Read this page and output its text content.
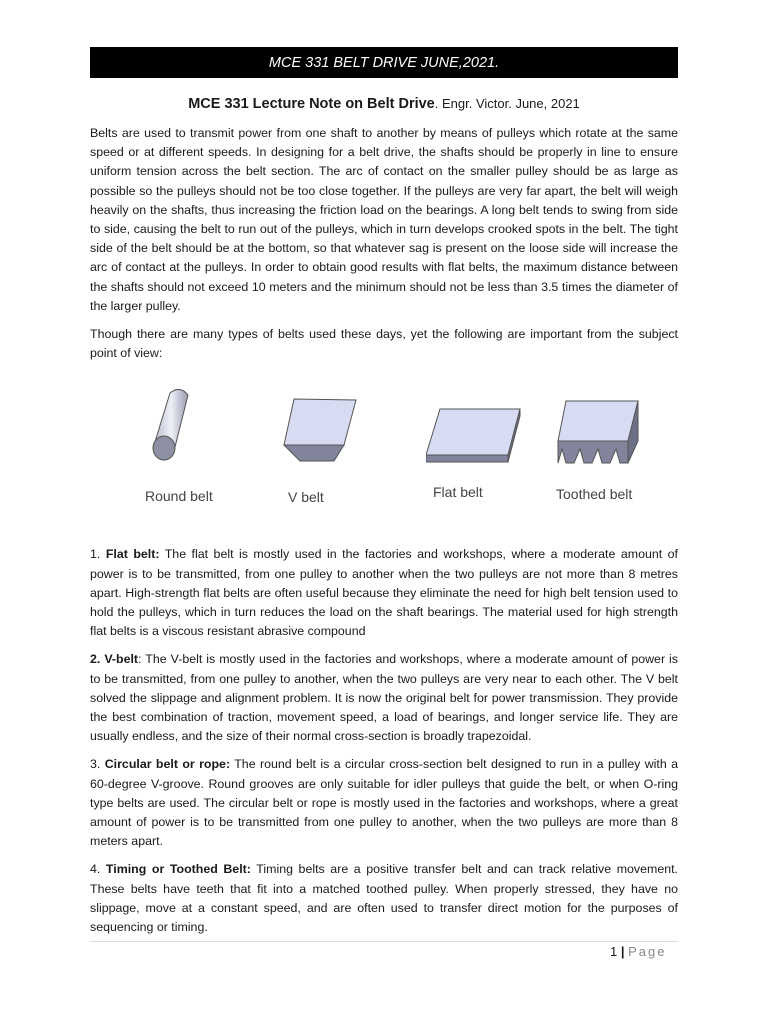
MCE 331 BELT DRIVE JUNE,2021.
MCE 331 Lecture Note on Belt Drive. Engr. Victor. June, 2021

Belts are used to transmit power from one shaft to another by means of pulleys which rotate at the same speed or at different speeds. In designing for a belt drive, the shafts should be properly in line to ensure uniform tension across the belt section. The arc of contact on the smaller pulley should be as large as possible so the pulleys should not be too close together. If the pulleys are very far apart, the belt will weigh heavily on the shafts, thus increasing the friction load on the bearings. A long belt tends to swing from side to side, causing the belt to run out of the pulleys, which in turn develops crooked spots in the belt. The tight side of the belt should be at the bottom, so that whatever sag is present on the loose side will increase the arc of contact at the pulleys. In order to obtain good results with flat belts, the maximum distance between the shafts should not exceed 10 meters and the minimum should not be less than 3.5 times the diameter of the larger pulley.

Though there are many types of belts used these days, yet the following are important from the subject point of view:

Round belt	V belt	Flat belt	Toothed belt

1. Flat belt: The flat belt is mostly used in the factories and workshops, where a moderate amount of power is to be transmitted, from one pulley to another when the two pulleys are not more than 8 metres apart. High-strength flat belts are often useful because they eliminate the need for high belt tension used to hold the pulleys, which in turn reduces the load on the shaft bearings. The material used for high strength flat belts is a viscous resistant abrasive compound

2. V-belt: The V-belt is mostly used in the factories and workshops, where a moderate amount of power is to be transmitted, from one pulley to another, when the two pulleys are very near to each other. The V belt solved the slippage and alignment problem. It is now the original belt for power transmission. They provide the best combination of traction, movement speed, a load of bearings, and longer service life. They are usually endless, and the size of their normal cross-section is broadly trapezoidal.

3. Circular belt or rope: The round belt is a circular cross-section belt designed to run in a pulley with a 60-degree V-groove. Round grooves are only suitable for idler pulleys that guide the belt, or when O-ring type belts are used. The circular belt or rope is mostly used in the factories and workshops, where a great amount of power is to be transmitted from one pulley to another, when the two pulleys are more than 8 meters apart.

4. Timing or Toothed Belt: Timing belts are a positive transfer belt and can track relative movement. These belts have teeth that fit into a matched toothed pulley. When properly stressed, they have no slippage, move at a constant speed, and are often used to transfer direct motion for the purposes of sequencing or timing.

1 | Page
